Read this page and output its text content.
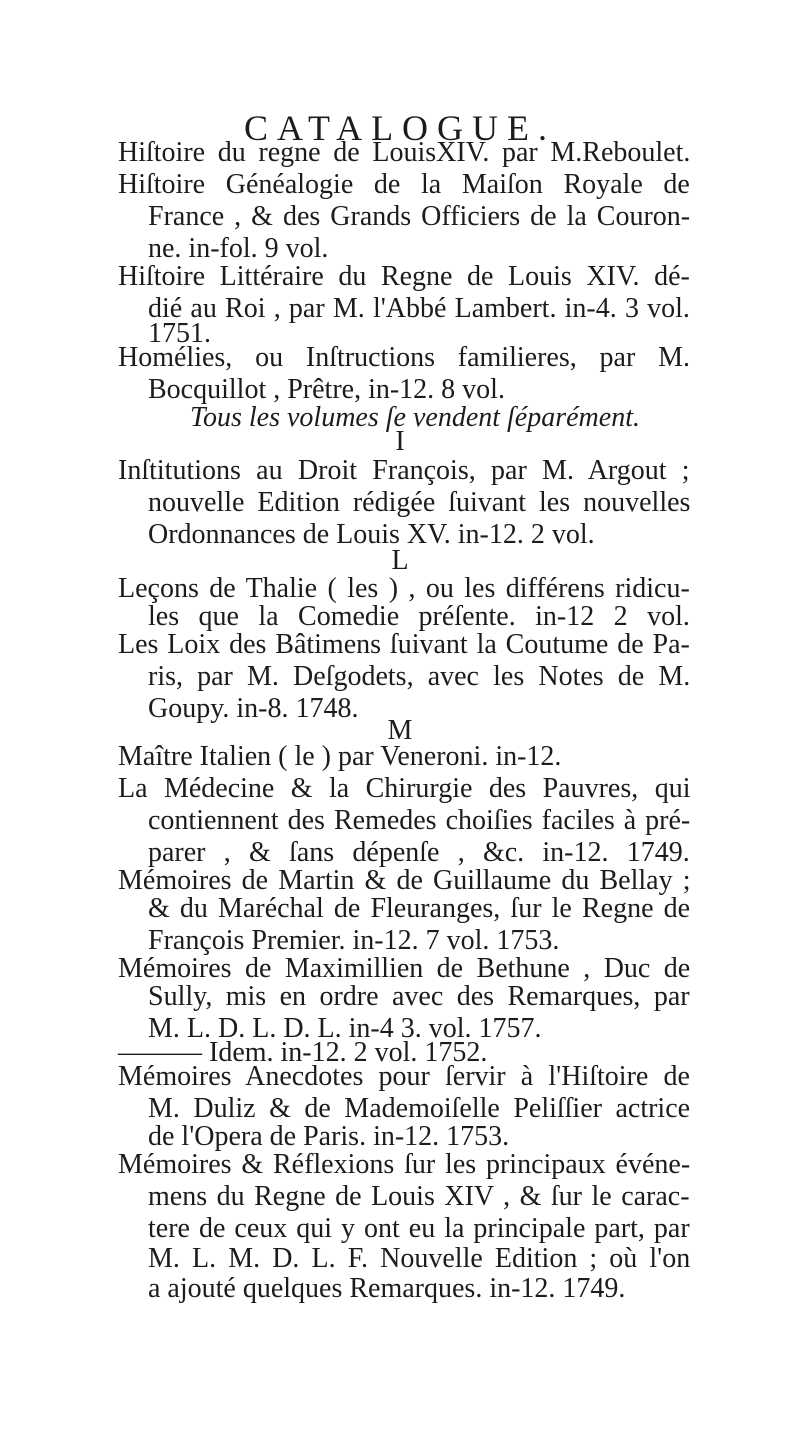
CATALOGUE.
Hiſtoire du regne de LouisXIV. par M.Reboulet.
Hiſtoire Généalogie de la Maiſon Royale de
France , & des Grands Officiers de la Couron-
ne. in-fol. 9 vol.
Hiſtoire Littéraire du Regne de Louis XIV. dé-
dié au Roi , par M. l'Abbé Lambert. in-4. 3 vol.
1751.
Homélies, ou Inſtructions familieres, par M.
Bocquillot , Prêtre, in-12. 8 vol.
Tous les volumes ſe vendent ſéparément.
I
Inſtitutions au Droit François, par M. Argout ;
nouvelle Edition rédigée ſuivant les nouvelles
Ordonnances de Louis XV. in-12. 2 vol.
L
Leçons de Thalie ( les ) , ou les différens ridicu-
les que la Comedie préſente. in-12 2 vol.
Les Loix des Bâtimens ſuivant la Coutume de Pa-
ris, par M. Deſgodets, avec les Notes de M.
Goupy. in-8. 1748.
M
Maître Italien ( le ) par Veneroni. in-12.
La Médecine & la Chirurgie des Pauvres, qui
contiennent des Remedes choiſies faciles à pré-
parer , & ſans dépenſe , &c. in-12. 1749.
Mémoires de Martin & de Guillaume du Bellay ;
& du Maréchal de Fleuranges, ſur le Regne de
François Premier. in-12. 7 vol. 1753.
Mémoires de Maximillien de Bethune , Duc de
Sully, mis en ordre avec des Remarques, par
M. L. D. L. D. L. in-4 3. vol. 1757.
——— Idem. in-12. 2 vol. 1752.
Mémoires Anecdotes pour ſervir à l'Hiſtoire de
M. Duliz & de Mademoiſelle Peliſſier actrice
de l'Opera de Paris. in-12. 1753.
Mémoires & Réflexions ſur les principaux événe-
mens du Regne de Louis XIV , & ſur le carac-
tere de ceux qui y ont eu la principale part, par
M. L. M. D. L. F. Nouvelle Edition ; où l'on
a ajouté quelques Remarques. in-12. 1749.
